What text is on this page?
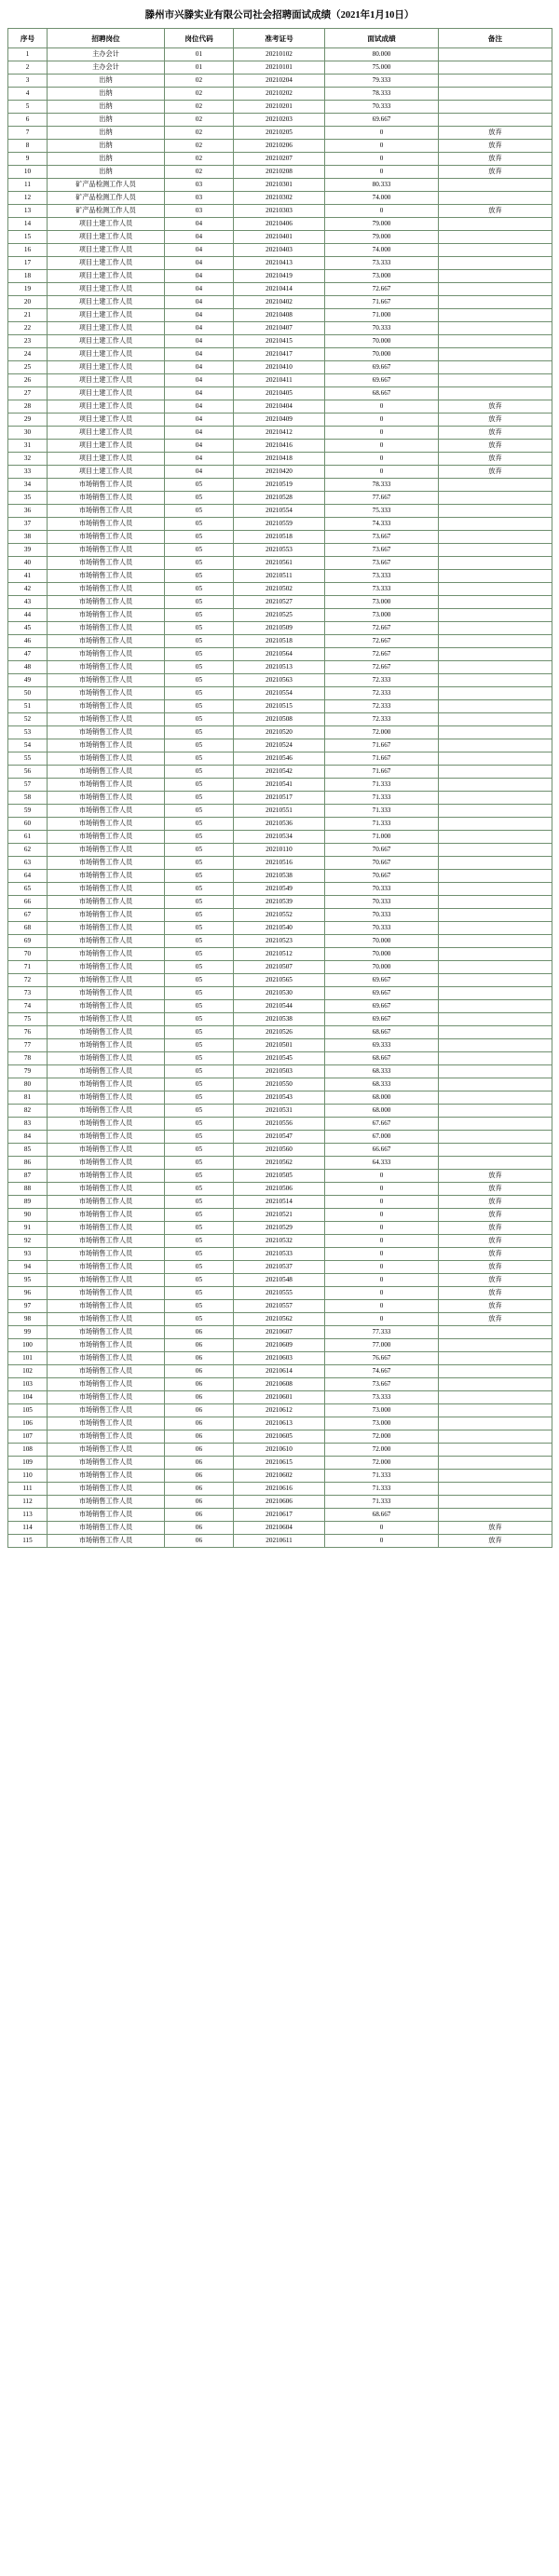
滕州市兴滕实业有限公司社会招聘面试成绩（2021年1月10日）
序号	招聘岗位	岗位代码	准考证号	面试成绩	备注
1	主办会计	01	20210102	80.000	
2	主办会计	01	20210101	75.000	
3	出纳	02	20210204	79.333	
4	出纳	02	20210202	78.333	
5	出纳	02	20210201	70.333	
6	出纳	02	20210203	69.667	
7	出纳	02	20210205	0	放弃
8	出纳	02	20210206	0	放弃
9	出纳	02	20210207	0	放弃
10	出纳	02	20210208	0	放弃
11	矿产品检测工作人员	03	20210301	80.333	
12	矿产品检测工作人员	03	20210302	74.000	
13	矿产品检测工作人员	03	20210303	0	放弃
14	项目土建工作人员	04	20210406	79.000	
15	项目土建工作人员	04	20210401	79.000	
16	项目土建工作人员	04	20210403	74.000	
17	项目土建工作人员	04	20210413	73.333	
18	项目土建工作人员	04	20210419	73.000	
19	项目土建工作人员	04	20210414	72.667	
20	项目土建工作人员	04	20210402	71.667	
21	项目土建工作人员	04	20210408	71.000	
22	项目土建工作人员	04	20210407	70.333	
23	项目土建工作人员	04	20210415	70.000	
24	项目土建工作人员	04	20210417	70.000	
25	项目土建工作人员	04	20210410	69.667	
26	项目土建工作人员	04	20210411	69.667	
27	项目土建工作人员	04	20210405	68.667	
28	项目土建工作人员	04	20210404	0	放弃
29	项目土建工作人员	04	20210409	0	放弃
30	项目土建工作人员	04	20210412	0	放弃
31	项目土建工作人员	04	20210416	0	放弃
32	项目土建工作人员	04	20210418	0	放弃
33	项目土建工作人员	04	20210420	0	放弃
34	市场销售工作人员	05	20210519	78.333	
35	市场销售工作人员	05	20210528	77.667	
36	市场销售工作人员	05	20210554	75.333	
37	市场销售工作人员	05	20210559	74.333	
38	市场销售工作人员	05	20210518	73.667	
39	市场销售工作人员	05	20210553	73.667	
40	市场销售工作人员	05	20210561	73.667	
41	市场销售工作人员	05	20210511	73.333	
42	市场销售工作人员	05	20210502	73.333	
43	市场销售工作人员	05	20210527	73.000	
44	市场销售工作人员	05	20210525	73.000	
45	市场销售工作人员	05	20210509	72.667	
46	市场销售工作人员	05	20210518	72.667	
47	市场销售工作人员	05	20210564	72.667	
48	市场销售工作人员	05	20210513	72.667	
49	市场销售工作人员	05	20210563	72.333	
50	市场销售工作人员	05	20210554	72.333	
51	市场销售工作人员	05	20210515	72.333	
52	市场销售工作人员	05	20210508	72.333	
53	市场销售工作人员	05	20210520	72.000	
54	市场销售工作人员	05	20210524	71.667	
55	市场销售工作人员	05	20210546	71.667	
56	市场销售工作人员	05	20210542	71.667	
57	市场销售工作人员	05	20210541	71.333	
58	市场销售工作人员	05	20210517	71.333	
59	市场销售工作人员	05	20210551	71.333	
60	市场销售工作人员	05	20210536	71.333	
61	市场销售工作人员	05	20210534	71.000	
62	市场销售工作人员	05	20210110	70.667	
63	市场销售工作人员	05	20210516	70.667	
64	市场销售工作人员	05	20210538	70.667	
65	市场销售工作人员	05	20210549	70.333	
66	市场销售工作人员	05	20210539	70.333	
67	市场销售工作人员	05	20210552	70.333	
68	市场销售工作人员	05	20210540	70.333	
69	市场销售工作人员	05	20210523	70.000	
70	市场销售工作人员	05	20210512	70.000	
71	市场销售工作人员	05	20210507	70.000	
72	市场销售工作人员	05	20210565	69.667	
73	市场销售工作人员	05	20210530	69.667	
74	市场销售工作人员	05	20210544	69.667	
75	市场销售工作人员	05	20210538	69.667	
76	市场销售工作人员	05	20210526	68.667	
77	市场销售工作人员	05	20210501	69.333	
78	市场销售工作人员	05	20210545	68.667	
79	市场销售工作人员	05	20210503	68.333	
80	市场销售工作人员	05	20210550	68.333	
81	市场销售工作人员	05	20210543	68.000	
82	市场销售工作人员	05	20210531	68.000	
83	市场销售工作人员	05	20210556	67.667	
84	市场销售工作人员	05	20210547	67.000	
85	市场销售工作人员	05	20210560	66.667	
86	市场销售工作人员	05	20210562	64.333	
87	市场销售工作人员	05	20210505	0	放弃
88	市场销售工作人员	05	20210506	0	放弃
89	市场销售工作人员	05	20210514	0	放弃
90	市场销售工作人员	05	20210521	0	放弃
91	市场销售工作人员	05	20210529	0	放弃
92	市场销售工作人员	05	20210532	0	放弃
93	市场销售工作人员	05	20210533	0	放弃
94	市场销售工作人员	05	20210537	0	放弃
95	市场销售工作人员	05	20210548	0	放弃
96	市场销售工作人员	05	20210555	0	放弃
97	市场销售工作人员	05	20210557	0	放弃
98	市场销售工作人员	05	20210562	0	放弃
99	市场销售工作人员	06	20210607	77.333	
100	市场销售工作人员	06	20210609	77.000	
101	市场销售工作人员	06	20210603	76.667	
102	市场销售工作人员	06	20210614	74.667	
103	市场销售工作人员	06	20210608	73.667	
104	市场销售工作人员	06	20210601	73.333	
105	市场销售工作人员	06	20210612	73.000	
106	市场销售工作人员	06	20210613	73.000	
107	市场销售工作人员	06	20210605	72.000	
108	市场销售工作人员	06	20210610	72.000	
109	市场销售工作人员	06	20210615	72.000	
110	市场销售工作人员	06	20210602	71.333	
111	市场销售工作人员	06	20210616	71.333	
112	市场销售工作人员	06	20210606	71.333	
113	市场销售工作人员	06	20210617	68.667	
114	市场销售工作人员	06	20210604	0	放弃
115	市场销售工作人员	06	20210611	0	放弃
